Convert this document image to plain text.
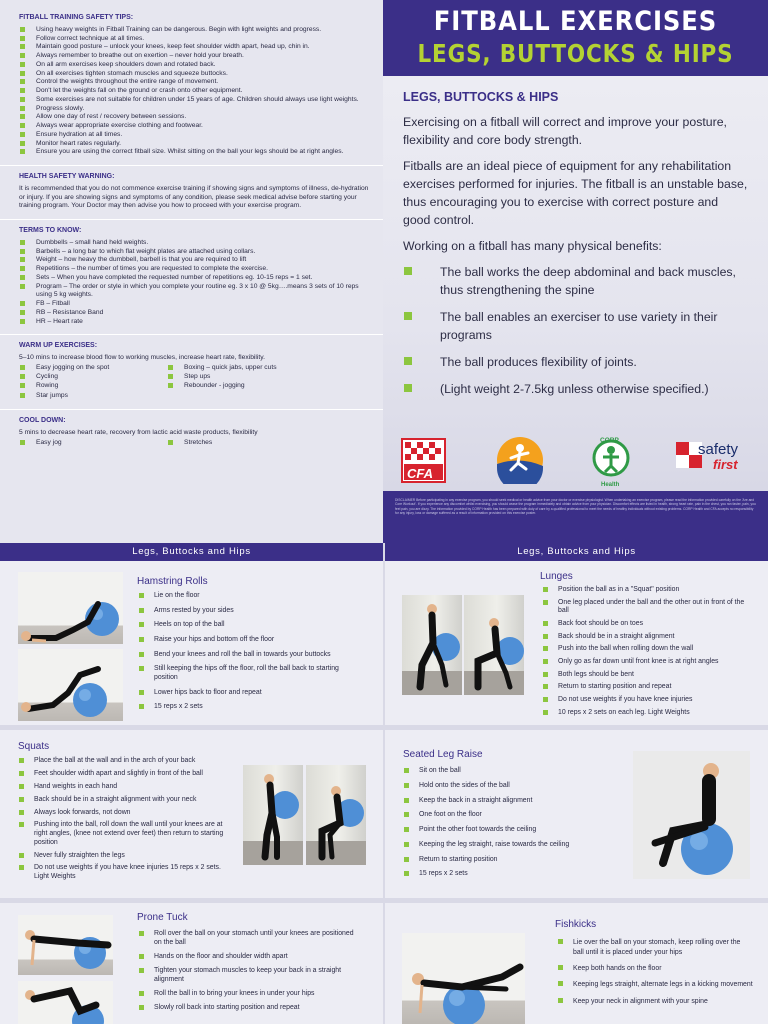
FITBALL TRAINING SAFETY TIPS:
Using heavy weights in Fitball Training can be dangerous. Begin with light weights and progress.
Follow correct technique at all times.
Maintain good posture – unlock your knees, keep feet shoulder width apart, head up, chin in.
Always remember to breathe out on exertion – never hold your breath.
On all arm exercises keep shoulders down and rotated back.
On all exercises tighten stomach muscles and squeeze buttocks.
Control the weights throughout the entire range of movement.
Don't let the weights fall on the ground or crash onto other equipment.
Some exercises are not suitable for children under 15 years of age. Children should always use light weights.
Progress slowly.
Allow one day of rest / recovery between sessions.
Always wear appropriate exercise clothing and footwear.
Ensure hydration at all times.
Monitor heart rates regularly.
Ensure you are using the correct fitball size. Whilst sitting on the ball your legs should be at right angles.
HEALTH SAFETY WARNING:

It is recommended that you do not commence exercise training if showing signs and symptoms of illness, de-hydration or injury. If you are showing signs and symptoms of any condition, please seek medical advise before starting your training program. Your Doctor may then advise you how to proceed with your exercise program.

TERMS TO KNOW:
Dumbbells – small hand held weights.
Barbells – a long bar to which flat weight plates are attached using collars.
Weight – how heavy the dumbbell, barbell is that you are required to lift
Repetitions – the number of times you are requested to complete the exercise.
Sets – When you have completed the requested number of repetitions eg. 10-15 reps = 1 set.
Program – The order or style in which you complete your routine eg. 3 x 10 @ 5kg….means 3 sets of 10 reps using 5 kg weights.
FB – Fitball
RB – Resistance Band
HR – Heart rate
WARM UP EXERCISES:

5–10 mins to increase blood flow to working muscles, increase heart rate, flexibility.

Easy jogging on the spot
Cycling
Rowing
Star jumps
Boxing – quick jabs, upper cuts
Step ups
Rebounder - jogging
COOL DOWN:

5 mins to decrease heart rate, recovery from lactic acid waste products, flexibility

Easy jog	Stretches
FITBALL EXERCISES
LEGS, BUTTOCKS & HIPS
LEGS, BUTTOCKS & HIPS

Exercising on a fitball will correct and improve your posture, flexibility and core body strength.

Fitballs are an ideal piece of equipment for any rehabilitation exercises performed for injuries. The fitball is an unstable base, thus encouraging you to exercise with correct posture and good control.

Working on a fitball has many physical benefits:

The ball works the deep abdominal and back muscles, thus strengthening the spine
The ball enables an exerciser to use variety in their programs
The ball produces flexibility of joints.
(Light weight 2-7.5kg unless otherwise specified.)
CFA
CORP
Health
safety
first
DISCLAIMER Before participating in any exercise program, you should seek medical or health advice from your doctor or exercise physiologist. When undertaking an exercise program, please read the information provided carefully on the 'Are and Core Workout'. If you experience any discomfort whilst exercising, you should cease the program immediately and obtain advice from your physician. Discomfort effects are listed in health, strong heart rate, pain in the chest, you ran faster, pain, you feel pain, you are dizzy. The information provided by CORP Health has been prepared with duty of care by a qualified professional to meet the needs of healthy individuals without existing problems. CORP Health and CFA accepts no responsibility for any injury, loss or damage suffered as a result of information provided on this exercise poster.
Legs, Buttocks and Hips	Legs, Buttocks and Hips
Hamstring Rolls
Lie on the floor
Arms rested by your sides
Heels on top of the ball
Raise your hips and bottom off the floor
Bend your knees and roll the ball in towards your buttocks
Still keeping the hips off the floor, roll the ball back to starting position
Lower hips back to floor and repeat
15 reps x 2 sets
Squats
Place the ball at the wall and in the arch of your back
Feet shoulder width apart and slightly in front of the ball
Hand weights in each hand
Back should be in a straight alignment with your neck
Always look forwards, not down
Pushing into the ball, roll down the wall until your knees are at right angles, (knee not extend over feet) then return to starting position
Never fully straighten the legs
Do not use weights if you have knee injuries 15 reps x 2 sets. Light Weights
Prone Tuck
Roll over the ball on your stomach until your knees are positioned on the ball
Hands on the floor and shoulder width apart
Tighten your stomach muscles to keep your back in a straight alignment
Roll the ball in to bring your knees in under your hips
Slowly roll back into starting position and repeat
Lunges
Position the ball as in a "Squat" position
One leg placed under the ball and the other out in front of the ball
Back foot should be on toes
Back should be in a straight alignment
Push into the ball when rolling down the wall
Only go as far down until front knee is at right angles
Both legs should be bent
Return to starting position and repeat
Do not use weights if you have knee injuries
10 reps x 2 sets on each leg. Light Weights
Seated Leg Raise
Sit on the ball
Hold onto the sides of the ball
Keep the back in a straight alignment
One foot on the floor
Point the other foot towards the ceiling
Keeping the leg straight, raise towards the ceiling
Return to starting position
15 reps x 2 sets
Fishkicks
Lie over the ball on your stomach, keep rolling over the ball until it is placed under your hips
Keep both hands on the floor
Keeping legs straight, alternate legs in a kicking movement
Keep your neck in alignment with your spine
